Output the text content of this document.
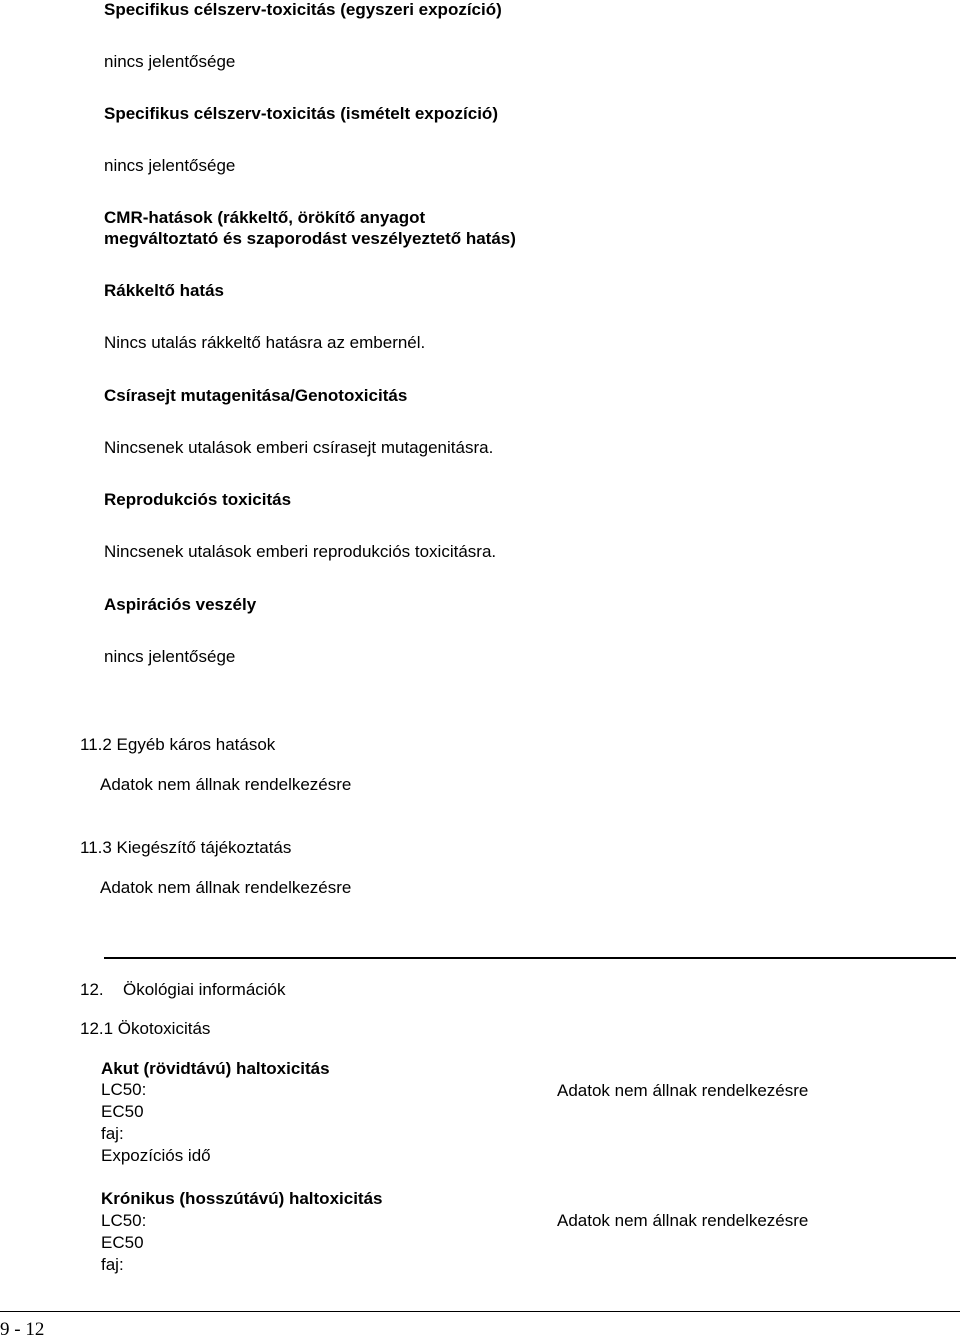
Specifikus célszerv-toxicitás (egyszeri expozíció)
nincs jelentősége
Specifikus célszerv-toxicitás (ismételt expozíció)
nincs jelentősége
CMR-hatások (rákkeltő, örökítő anyagot
megváltoztató és szaporodást veszélyeztető hatás)
Rákkeltő hatás
Nincs utalás rákkeltő hatásra az embernél.
Csírasejt mutagenitása/Genotoxicitás
Nincsenek utalások emberi csírasejt mutagenitásra.
Reprodukciós toxicitás
Nincsenek utalások emberi reprodukciós toxicitásra.
Aspirációs veszély
nincs jelentősége
11.2 Egyéb káros hatások
Adatok nem állnak rendelkezésre
11.3 Kiegészítő tájékoztatás
Adatok nem állnak rendelkezésre
12. Ökológiai információk
12.1 Ökotoxicitás
Akut (rövidtávú) haltoxicitás
LC50:
EC50
faj:
Expozíciós idő
Adatok nem állnak rendelkezésre
Krónikus (hosszútávú) haltoxicitás
LC50:
EC50
faj:
Adatok nem állnak rendelkezésre
9 - 12
